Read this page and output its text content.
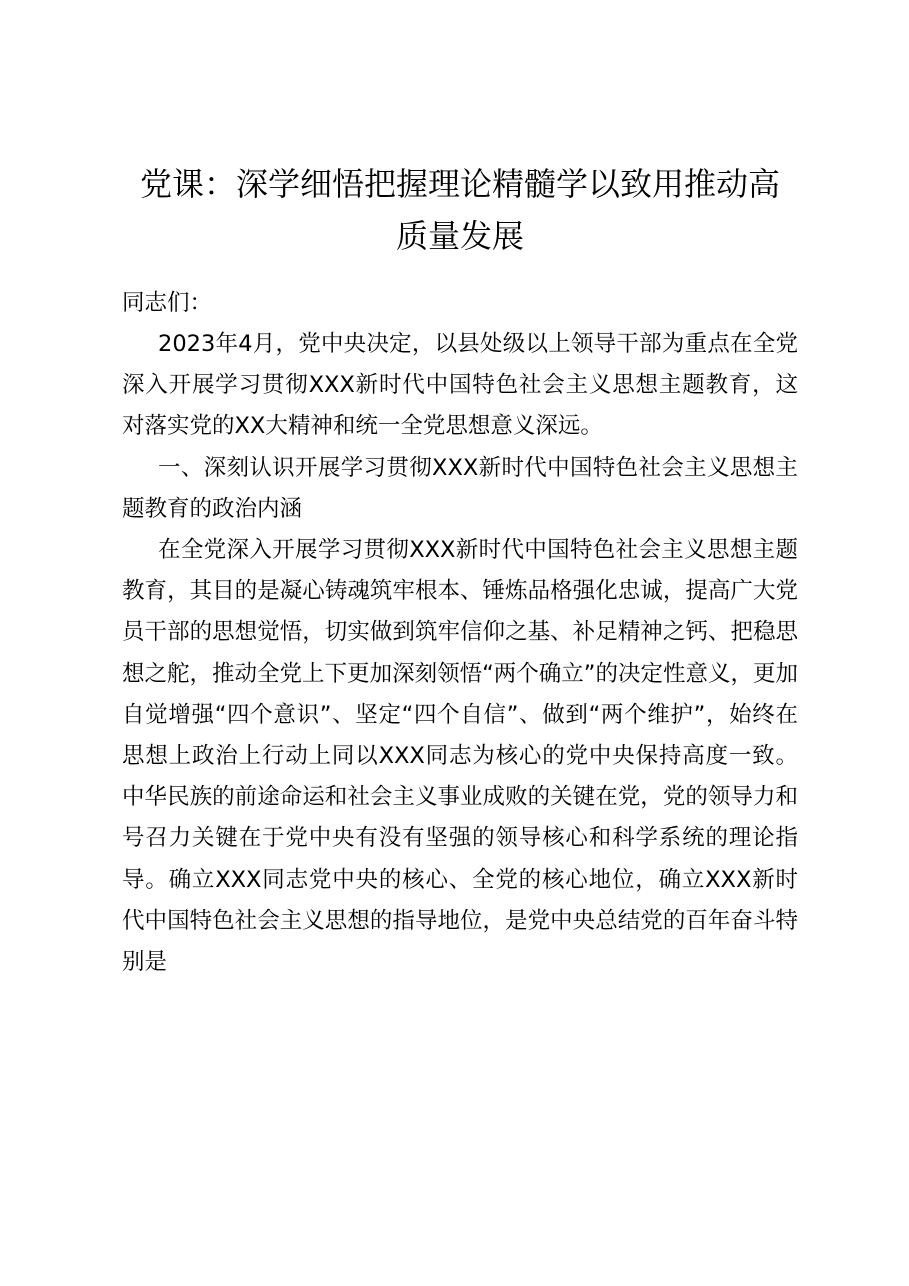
党课：深学细悟把握理论精髓学以致用推动高
质量发展

同志们：

2023年4月，党中央决定，以县处级以上领导干部为重点在全党深入开展学习贯彻XXX新时代中国特色社会主义思想主题教育，这对落实党的XX大精神和统一全党思想意义深远。

一、深刻认识开展学习贯彻XXX新时代中国特色社会主义思想主题教育的政治内涵

在全党深入开展学习贯彻XXX新时代中国特色社会主义思想主题教育，其目的是凝心铸魂筑牢根本、锤炼品格强化忠诚，提高广大党员干部的思想觉悟，切实做到筑牢信仰之基、补足精神之钙、把稳思想之舵，推动全党上下更加深刻领悟“两个确立”的决定性意义，更加自觉增强“四个意识”、坚定“四个自信”、做到“两个维护”，始终在思想上政治上行动上同以XXX同志为核心的党中央保持高度一致。中华民族的前途命运和社会主义事业成败的关键在党，党的领导力和号召力关键在于党中央有没有坚强的领导核心和科学系统的理论指导。确立XXX同志党中央的核心、全党的核心地位，确立XXX新时代中国特色社会主义思想的指导地位，是党中央总结党的百年奋斗特别是
